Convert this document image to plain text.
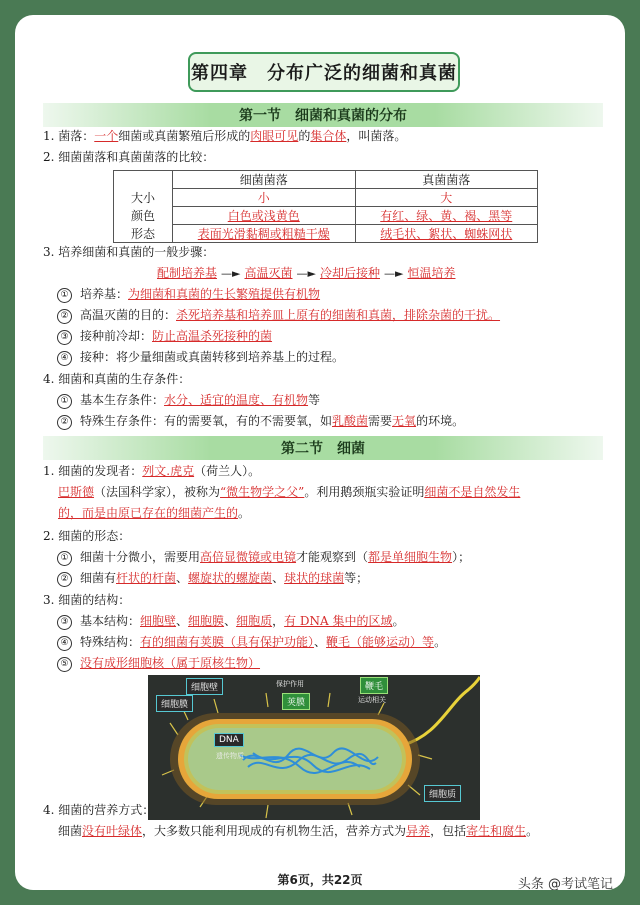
第四章　分布广泛的细菌和真菌
第一节　细菌和真菌的分布
1. 菌落：一个细菌或真菌繁殖后形成的肉眼可见的集合体，叫菌落。
2. 细菌菌落和真菌菌落的比较：
	细菌菌落	真菌菌落
大小	小	大
颜色	白色或浅黄色	有红、绿、黄、褐、黑等
形态	表面光滑黏稠或粗糙干燥	绒毛状、絮状、蜘蛛网状
3. 培养细菌和真菌的一般步骤：
配制培养基 —► 高温灭菌 —► 冷却后接种 —► 恒温培养
① 培养基：为细菌和真菌的生长繁殖提供有机物
② 高温灭菌的目的：杀死培养基和培养皿上原有的细菌和真菌，排除杂菌的干扰。
③ 接种前冷却：防止高温杀死接种的菌
④ 接种：将少量细菌或真菌转移到培养基上的过程。
4. 细菌和真菌的生存条件：
① 基本生存条件：水分、适宜的温度、有机物等
② 特殊生存条件：有的需要氧，有的不需要氧，如乳酸菌需要无氧的环境。
第二节　细菌
1. 细菌的发现者：列文.虎克（荷兰人）。
巴斯德（法国科学家），被称为“微生物学之父”。利用鹅颈瓶实验证明细菌不是自然发生
的，而是由原已存在的细菌产生的。
2. 细菌的形态：
① 细菌十分微小，需要用高倍显微镜或电镜才能观察到（都是单细胞生物）；
② 细菌有杆状的杆菌、螺旋状的螺旋菌、球状的球菌等；
3. 细菌的结构：
③ 基本结构：细胞壁、细胞膜、细胞质，有 DNA 集中的区域。
④ 特殊结构：有的细菌有荚膜（具有保护功能）、鞭毛（能够运动）等。
⑤ 没有成形细胞核（属于原核生物）
细胞壁
细胞膜
保护作用
荚膜
鞭毛
运动相关
DNA
遗传物质
细胞质
4. 细菌的营养方式：
细菌没有叶绿体，大多数只能利用现成的有机物生活，营养方式为异养，包括寄生和腐生。
第6页，共22页	头条 @考试笔记
